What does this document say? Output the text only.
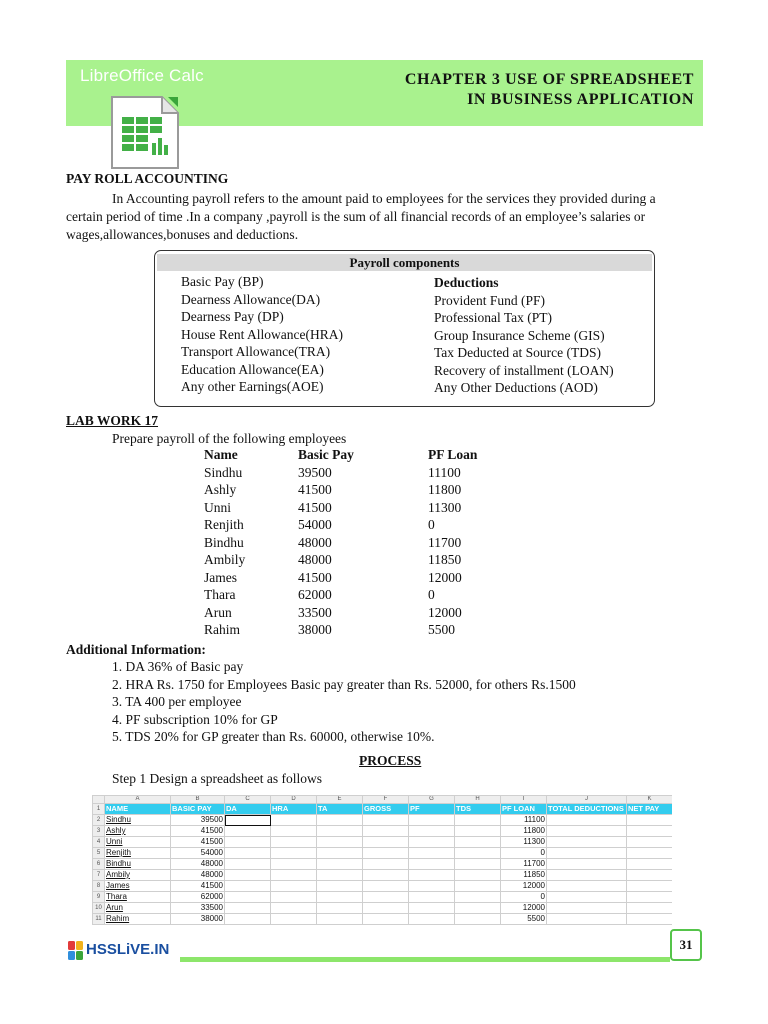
LibreOffice Calc	CHAPTER 3 USE OF SPREADSHEET
IN BUSINESS APPLICATION
PAY ROLL ACCOUNTING
In Accounting payroll refers to the amount paid to employees for the services they provided during a
certain period of time .In a company ,payroll is the sum of all financial records of an employee’s salaries or
wages,allowances,bonuses and deductions.
Payroll components
Basic Pay (BP)
Dearness Allowance(DA)
Dearness Pay (DP)
House Rent Allowance(HRA)
Transport Allowance(TRA)
Education Allowance(EA)
Any other Earnings(AOE)
Deductions
Provident Fund (PF)
Professional Tax (PT)
Group Insurance Scheme (GIS)
Tax Deducted at Source (TDS)
Recovery of installment (LOAN)
Any Other Deductions (AOD)
LAB WORK 17
Prepare payroll of the following employees
Name	Basic Pay	PF Loan
Sindhu	39500	11100
Ashly	41500	11800
Unni	41500	11300
Renjith	54000	0
Bindhu	48000	11700
Ambily	48000	11850
James	41500	12000
Thara	62000	0
Arun	33500	12000
Rahim	38000	5500
Additional Information:
1. DA 36% of Basic pay
2. HRA Rs. 1750 for Employees Basic pay greater than Rs. 52000, for others Rs.1500
3. TA 400 per employee
4. PF subscription 10% for GP
5. TDS 20% for GP greater than Rs. 60000, otherwise 10%.
PROCESS
Step 1 Design a spreadsheet as follows
	A	B	C	D	E	F	G	H	I	J	K
1	NAME	BASIC PAY	DA	HRA	TA	GROSS	PF	TDS	PF LOAN	TOTAL DEDUCTIONS	NET PAY
2	Sindhu	39500							11100		
3	Ashly	41500							11800		
4	Unni	41500							11300		
5	Renjith	54000							0		
6	Bindhu	48000							11700		
7	Ambily	48000							11850		
8	James	41500							12000		
9	Thara	62000							0		
10	Arun	33500							12000		
11	Rahim	38000							5500		
HSSLiVE.IN	31
